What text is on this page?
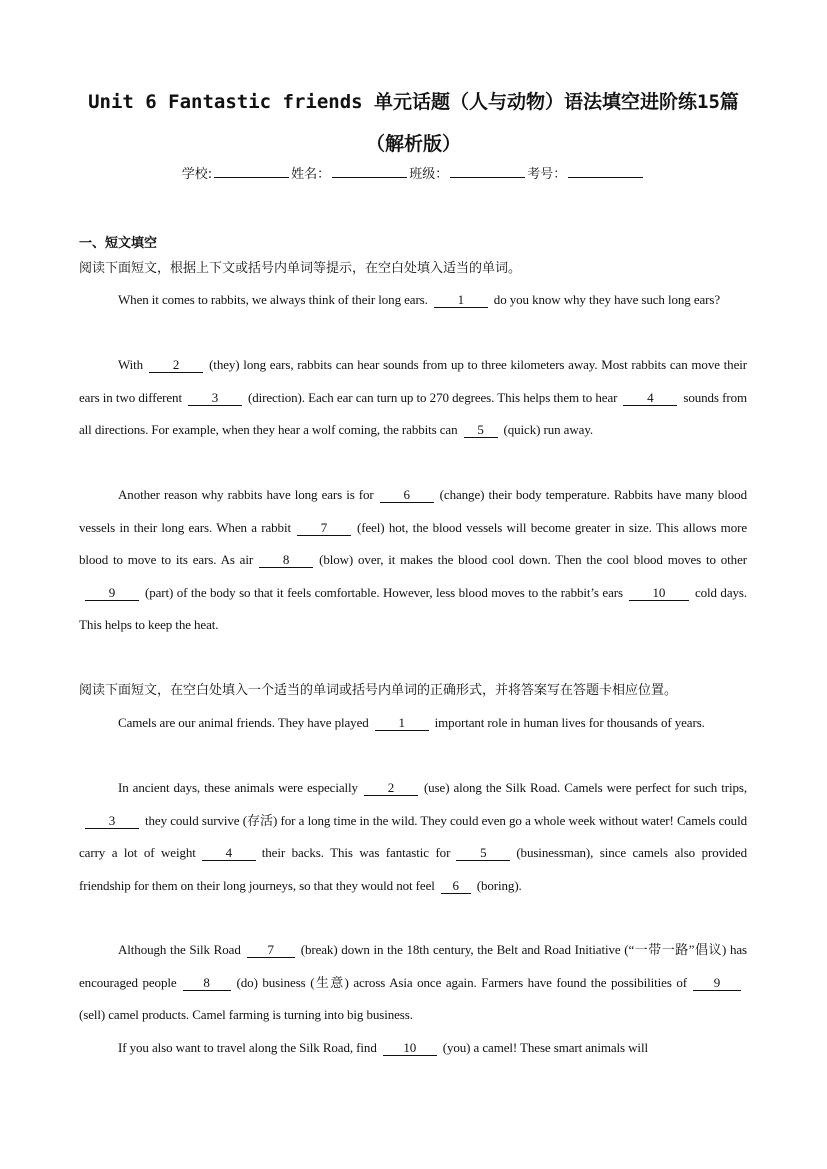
Unit 6 Fantastic friends 单元话题（人与动物）语法填空进阶练15篇
（解析版）
学校:	姓名：	班级：	考号：
一、短文填空
阅读下面短文，根据上下文或括号内单词等提示，在空白处填入适当的单词。
When it comes to rabbits, we always think of their long ears. 1 do you know why they have such long ears?
With 2 (they) long ears, rabbits can hear sounds from up to three kilometers away. Most rabbits can move their ears in two different 3 (direction). Each ear can turn up to 270 degrees. This helps them to hear 4 sounds from all directions. For example, when they hear a wolf coming, the rabbits can 5 (quick) run away.
Another reason why rabbits have long ears is for 6 (change) their body temperature. Rabbits have many blood vessels in their long ears. When a rabbit 7 (feel) hot, the blood vessels will become greater in size. This allows more blood to move to its ears. As air 8 (blow) over, it makes the blood cool down. Then the cool blood moves to other9 (part) of the body so that it feels comfortable. However, less blood moves to the rabbit’s ears 10 cold days. This helps to keep the heat.
阅读下面短文，在空白处填入一个适当的单词或括号内单词的正确形式，并将答案写在答题卡相应位置。
Camels are our animal friends. They have played 1 important role in human lives for thousands of years.
In ancient days, these animals were especially 2 (use) along the Silk Road. Camels were perfect for such trips,3 they could survive (存活) for a long time in the wild. They could even go a whole week without water! Camels could carry a lot of weight 4 their backs. This was fantastic for 5 (businessman), since camels also provided friendship for them on their long journeys, so that they would not feel 6 (boring).
Although the Silk Road 7 (break) down in the 18th century, the Belt and Road Initiative (“一带一路”倡议) has encouraged people 8 (do) business (生意) across Asia once again. Farmers have found the possibilities of 9(sell) camel products. Camel farming is turning into big business.
If you also want to travel along the Silk Road, find 10 (you) a camel! These smart animals will
